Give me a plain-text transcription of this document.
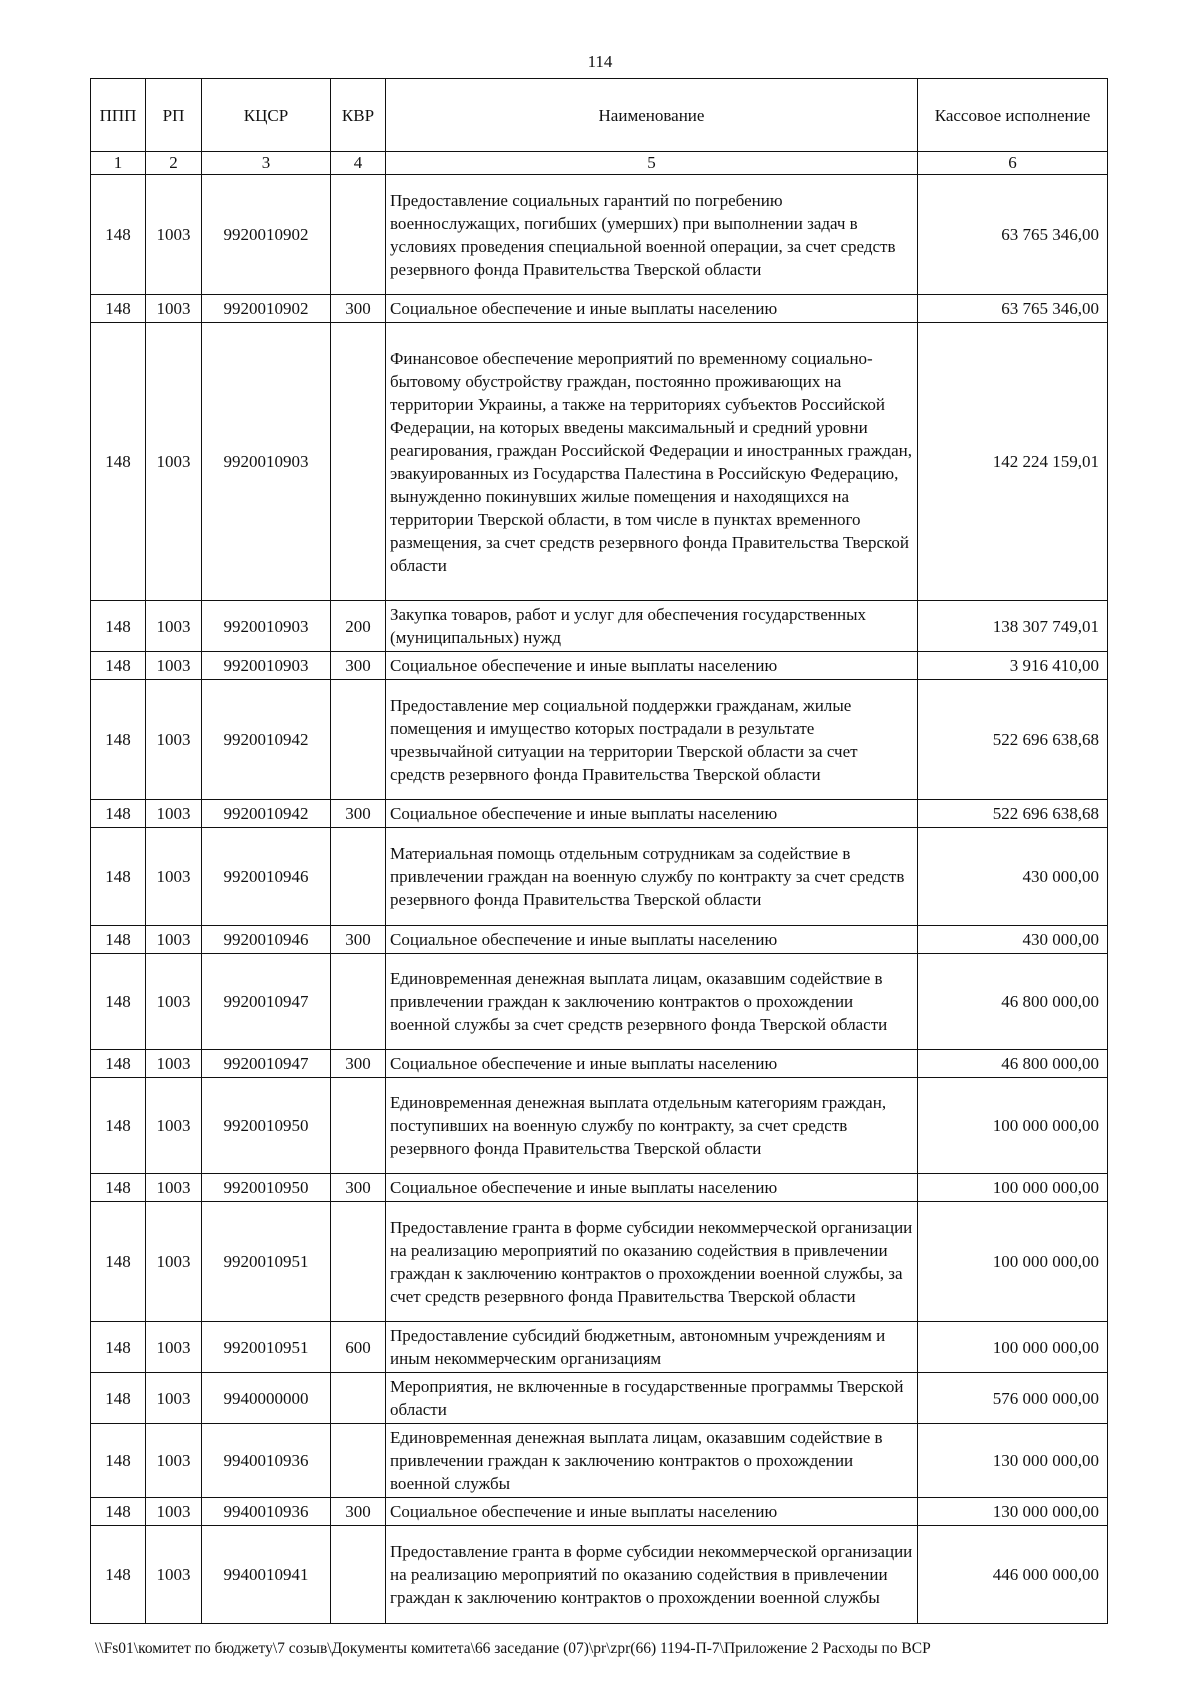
114
ППП	РП	КЦСР	КВР	Наименование	Кассовое исполнение
1	2	3	4	5	6
148	1003	9920010902		Предоставление социальных гарантий по погребению военнослужащих, погибших (умерших) при выполнении задач в условиях проведения специальной военной операции, за счет средств резервного фонда Правительства Тверской области	63 765 346,00
148	1003	9920010902	300	Социальное обеспечение и иные выплаты населению	63 765 346,00
148	1003	9920010903		Финансовое обеспечение мероприятий по временному социально-бытовому обустройству граждан, постоянно проживающих на территории Украины, а также на территориях субъектов Российской Федерации, на которых введены максимальный и средний уровни реагирования, граждан Российской Федерации и иностранных граждан, эвакуированных из Государства Палестина в Российскую Федерацию, вынужденно покинувших жилые помещения и находящихся на территории Тверской области, в том числе в пунктах временного размещения, за счет средств резервного фонда Правительства Тверской области	142 224 159,01
148	1003	9920010903	200	Закупка товаров, работ и услуг для обеспечения государственных (муниципальных) нужд	138 307 749,01
148	1003	9920010903	300	Социальное обеспечение и иные выплаты населению	3 916 410,00
148	1003	9920010942		Предоставление мер социальной поддержки гражданам, жилые помещения и имущество которых пострадали в результате чрезвычайной ситуации на территории Тверской области за счет средств резервного фонда Правительства Тверской области	522 696 638,68
148	1003	9920010942	300	Социальное обеспечение и иные выплаты населению	522 696 638,68
148	1003	9920010946		Материальная помощь отдельным сотрудникам за содействие в привлечении граждан на военную службу по контракту за счет средств резервного фонда Правительства Тверской области	430 000,00
148	1003	9920010946	300	Социальное обеспечение и иные выплаты населению	430 000,00
148	1003	9920010947		Единовременная денежная выплата лицам, оказавшим содействие в привлечении граждан к заключению контрактов о прохождении военной службы за счет средств резервного фонда Тверской области	46 800 000,00
148	1003	9920010947	300	Социальное обеспечение и иные выплаты населению	46 800 000,00
148	1003	9920010950		Единовременная денежная выплата отдельным категориям граждан, поступивших на военную службу по контракту, за счет средств резервного фонда Правительства Тверской области	100 000 000,00
148	1003	9920010950	300	Социальное обеспечение и иные выплаты населению	100 000 000,00
148	1003	9920010951		Предоставление гранта в форме субсидии некоммерческой организации на реализацию мероприятий по оказанию содействия в привлечении граждан к заключению контрактов о прохождении военной службы, за счет средств резервного фонда Правительства Тверской области	100 000 000,00
148	1003	9920010951	600	Предоставление субсидий бюджетным, автономным учреждениям и иным некоммерческим организациям	100 000 000,00
148	1003	9940000000		Мероприятия, не включенные в государственные программы Тверской области	576 000 000,00
148	1003	9940010936		Единовременная денежная выплата лицам, оказавшим содействие в привлечении граждан к заключению контрактов о прохождении военной службы	130 000 000,00
148	1003	9940010936	300	Социальное обеспечение и иные выплаты населению	130 000 000,00
148	1003	9940010941		Предоставление гранта в форме субсидии некоммерческой организации на реализацию мероприятий по оказанию содействия в привлечении граждан к заключению контрактов о прохождении военной службы	446 000 000,00
\\Fs01\комитет по бюджету\7 созыв\Документы комитета\66 заседание (07)\pr\zpr(66) 1194-П-7\Приложение 2 Расходы по ВСР
